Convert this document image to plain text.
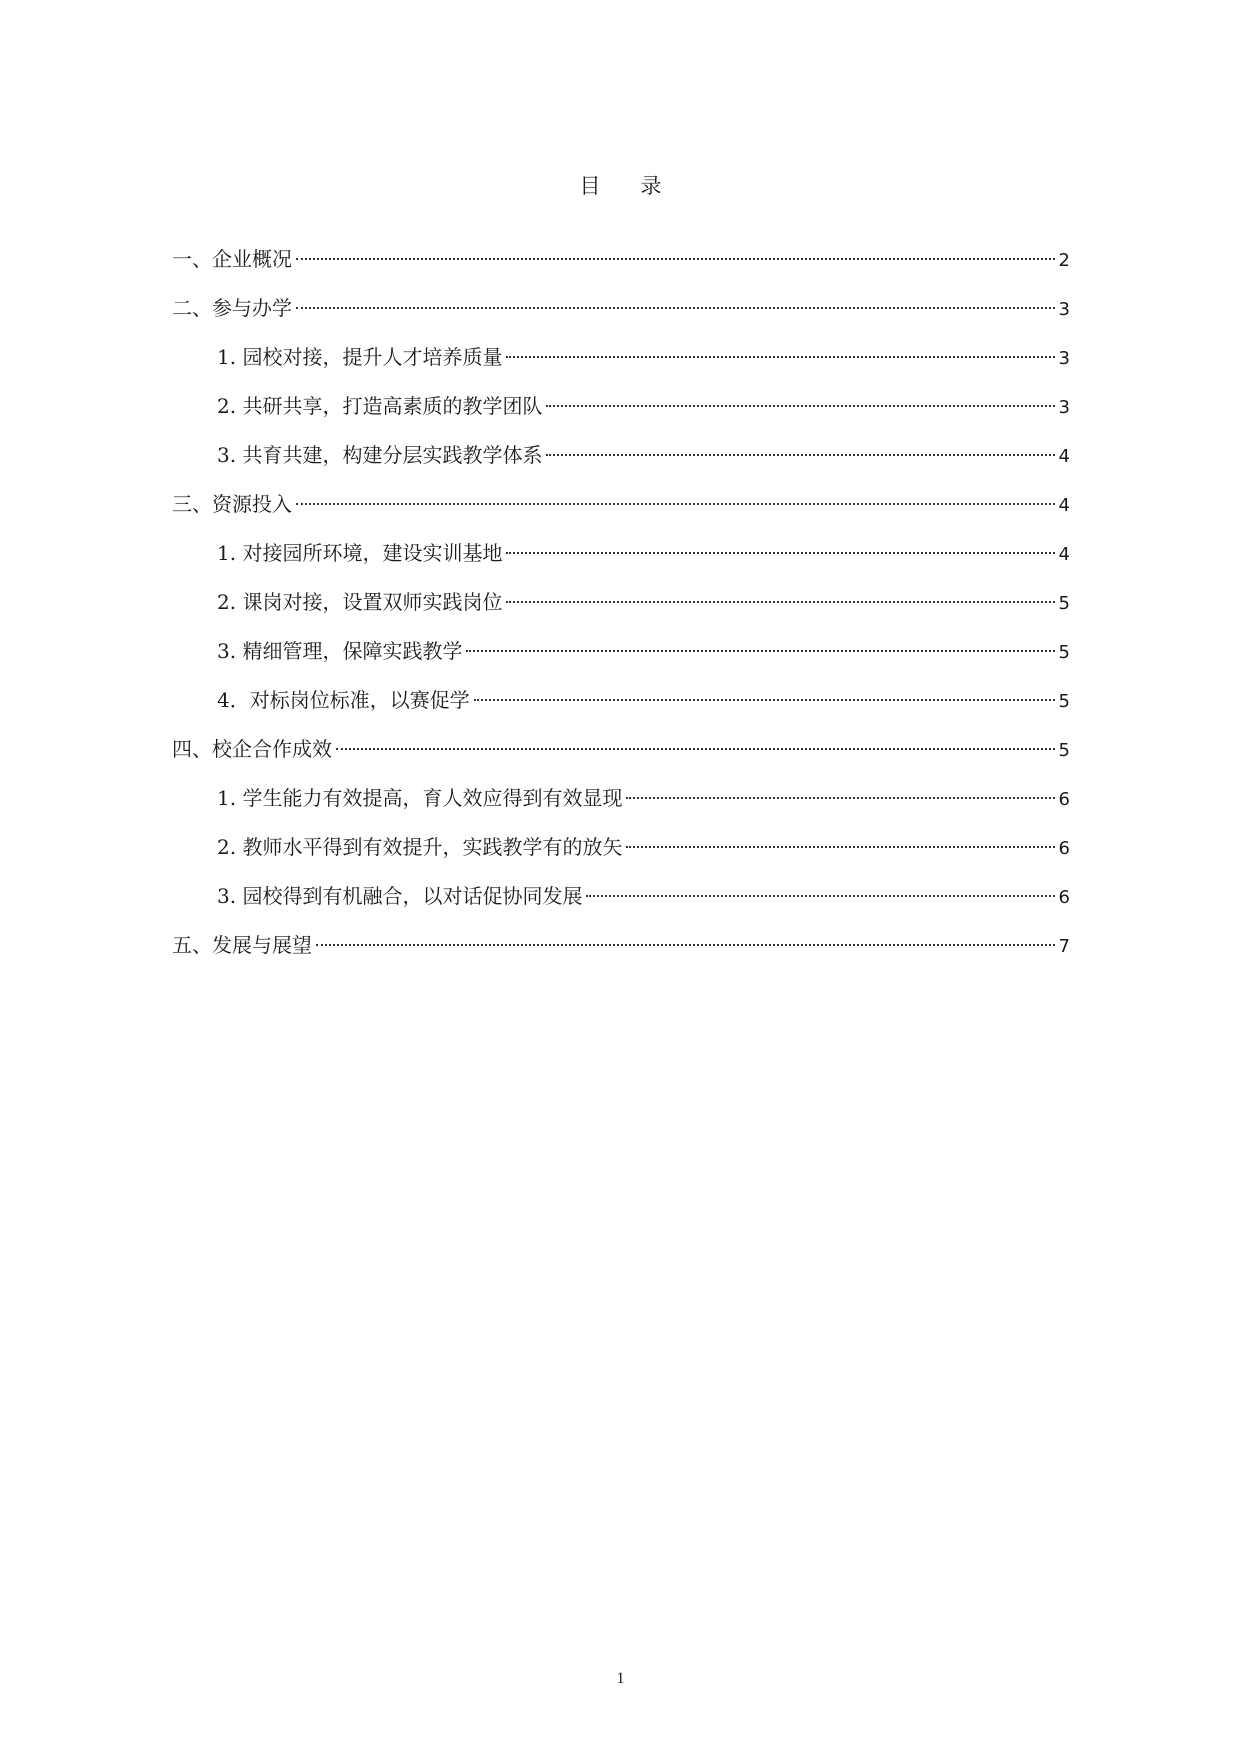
目录
一、企业概况	2
二、参与办学	3
1. 园校对接，提升人才培养质量	3
2. 共研共享，打造高素质的教学团队	3
3. 共育共建，构建分层实践教学体系	4
三、资源投入	4
1. 对接园所环境，建设实训基地	4
2. 课岗对接，设置双师实践岗位	5
3. 精细管理，保障实践教学	5
4．对标岗位标准，以赛促学	5
四、校企合作成效	5
1. 学生能力有效提高，育人效应得到有效显现	6
2. 教师水平得到有效提升，实践教学有的放矢	6
3. 园校得到有机融合，以对话促协同发展	6
五、发展与展望	7
1
